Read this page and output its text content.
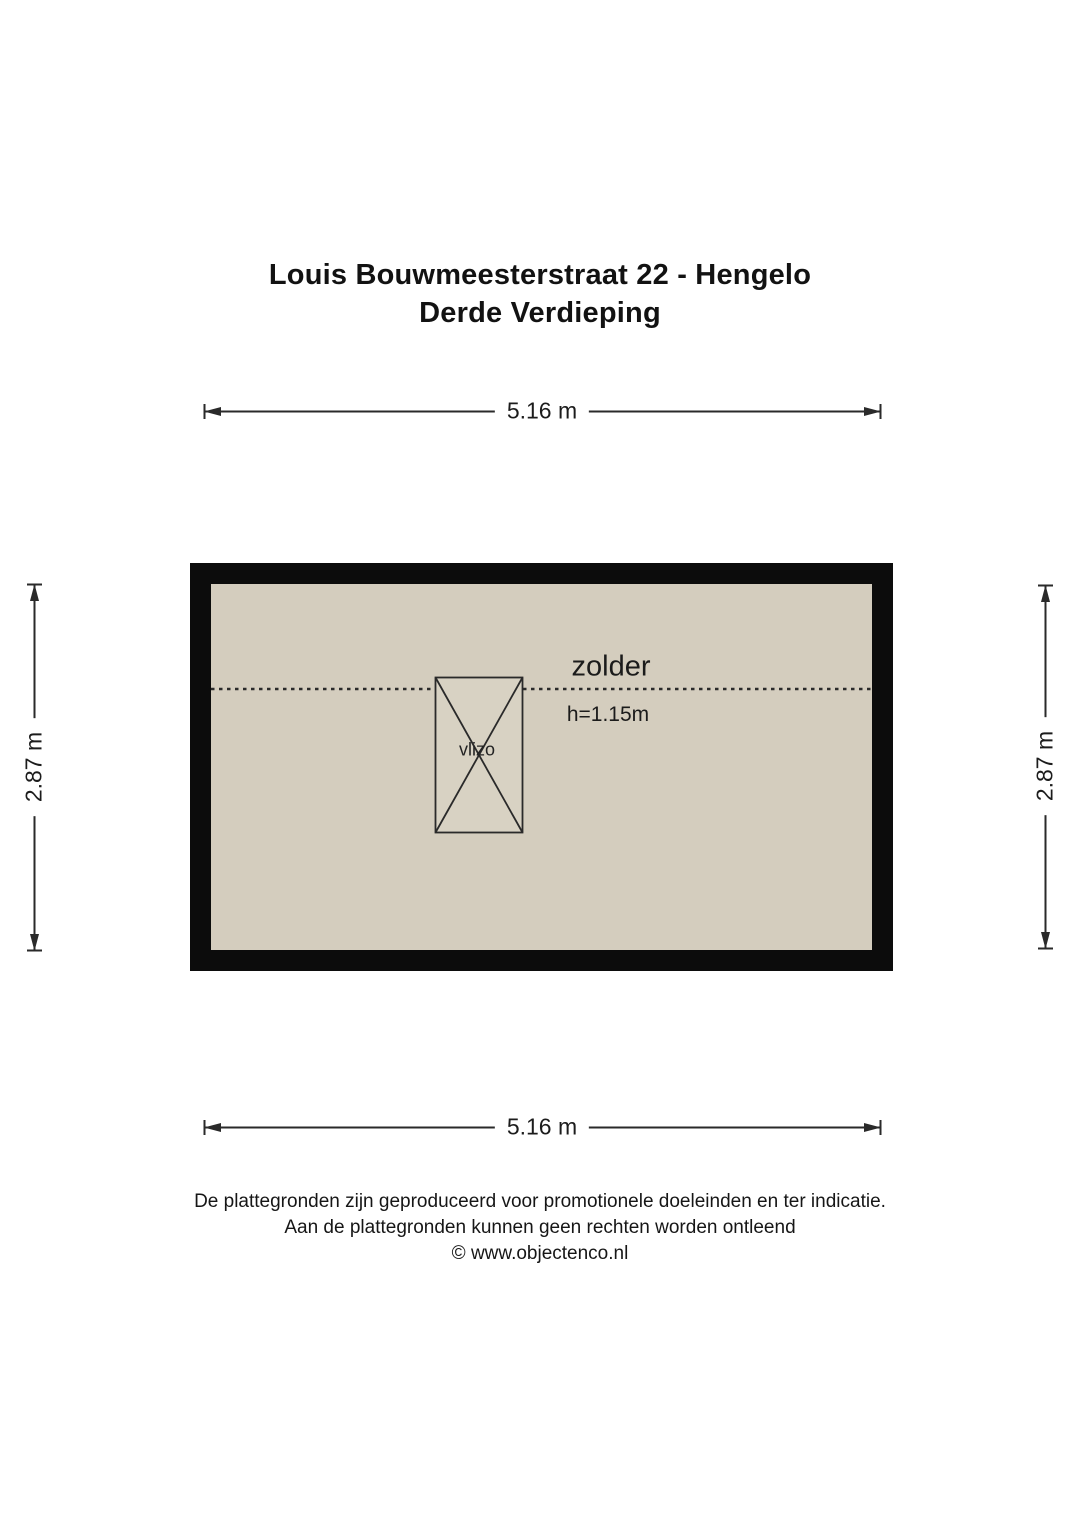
Louis Bouwmeesterstraat 22 - Hengelo
Derde Verdieping
5.16 m
5.16 m
2.87 m	2.87 m
zolder
h=1.15m
vlizo
De plattegronden zijn geproduceerd voor promotionele doeleinden en ter indicatie.
Aan de plattegronden kunnen geen rechten worden ontleend
© www.objectenco.nl
